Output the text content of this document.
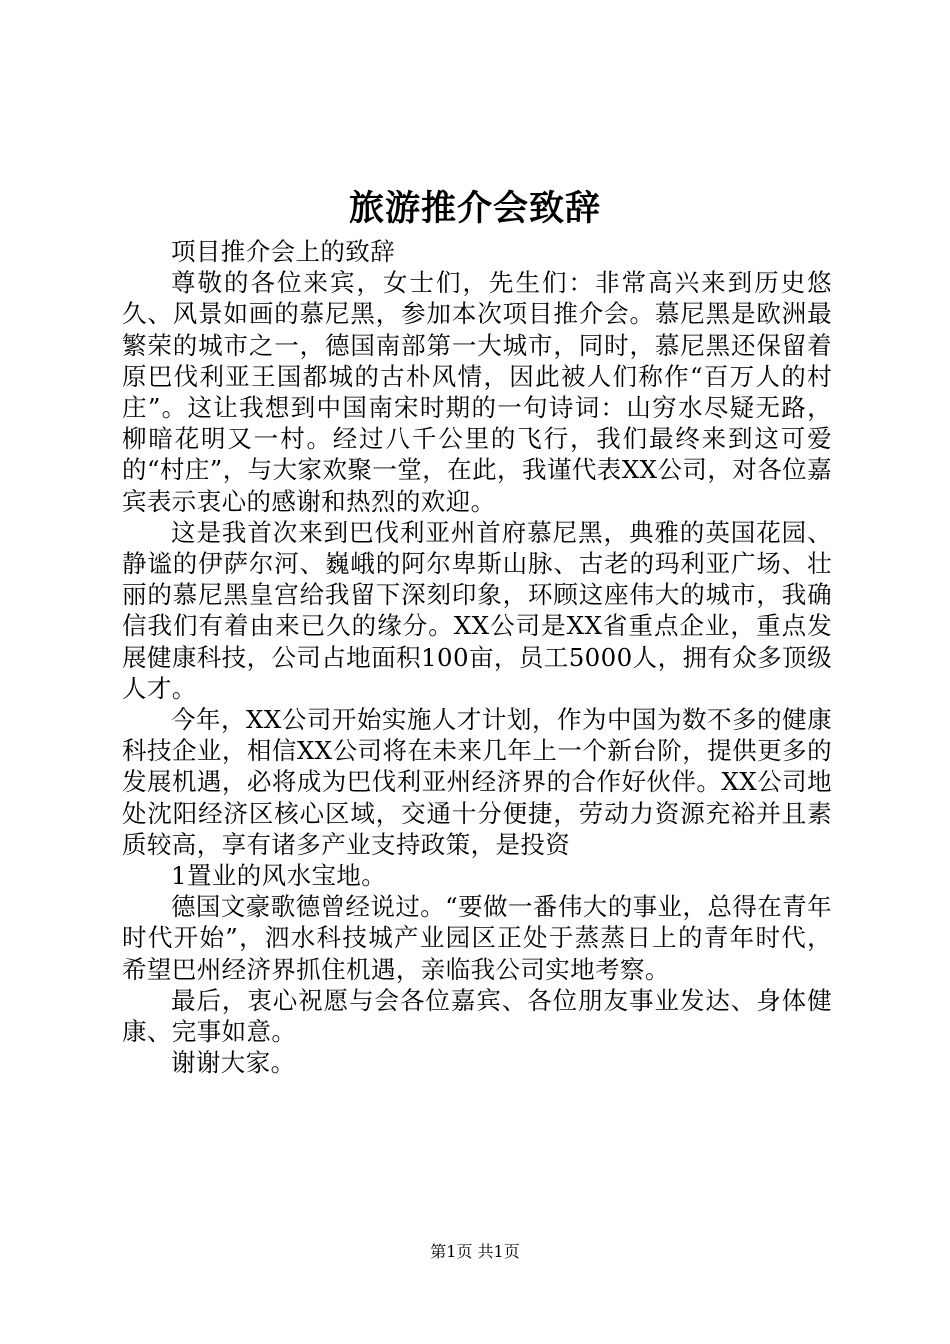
旅游推介会致辞

项目推介会上的致辞

尊敬的各位来宾，女士们，先生们：非常高兴来到历史悠久、风景如画的慕尼黑，参加本次项目推介会。慕尼黑是欧洲最繁荣的城市之一，德国南部第一大城市，同时，慕尼黑还保留着原巴伐利亚王国都城的古朴风情，因此被人们称作“百万人的村庄”。这让我想到中国南宋时期的一句诗词：山穷水尽疑无路，柳暗花明又一村。经过八千公里的飞行，我们最终来到这可爱的“村庄”，与大家欢聚一堂，在此，我谨代表XX公司，对各位嘉宾表示衷心的感谢和热烈的欢迎。

这是我首次来到巴伐利亚州首府慕尼黑，典雅的英国花园、静谧的伊萨尔河、巍峨的阿尔卑斯山脉、古老的玛利亚广场、壮丽的慕尼黑皇宫给我留下深刻印象，环顾这座伟大的城市，我确信我们有着由来已久的缘分。XX公司是XX省重点企业，重点发展健康科技，公司占地面积100亩，员工5000人，拥有众多顶级人才。

今年，XX公司开始实施人才计划，作为中国为数不多的健康科技企业，相信XX公司将在未来几年上一个新台阶，提供更多的发展机遇，必将成为巴伐利亚州经济界的合作好伙伴。XX公司地处沈阳经济区核心区域，交通十分便捷，劳动力资源充裕并且素质较高，享有诸多产业支持政策，是投资

1置业的风水宝地。

德国文豪歌德曾经说过。“要做一番伟大的事业，总得在青年时代开始”，泗水科技城产业园区正处于蒸蒸日上的青年时代，希望巴州经济界抓住机遇，亲临我公司实地考察。

最后，衷心祝愿与会各位嘉宾、各位朋友事业发达、身体健康、完事如意。

谢谢大家。

第1页 共1页
